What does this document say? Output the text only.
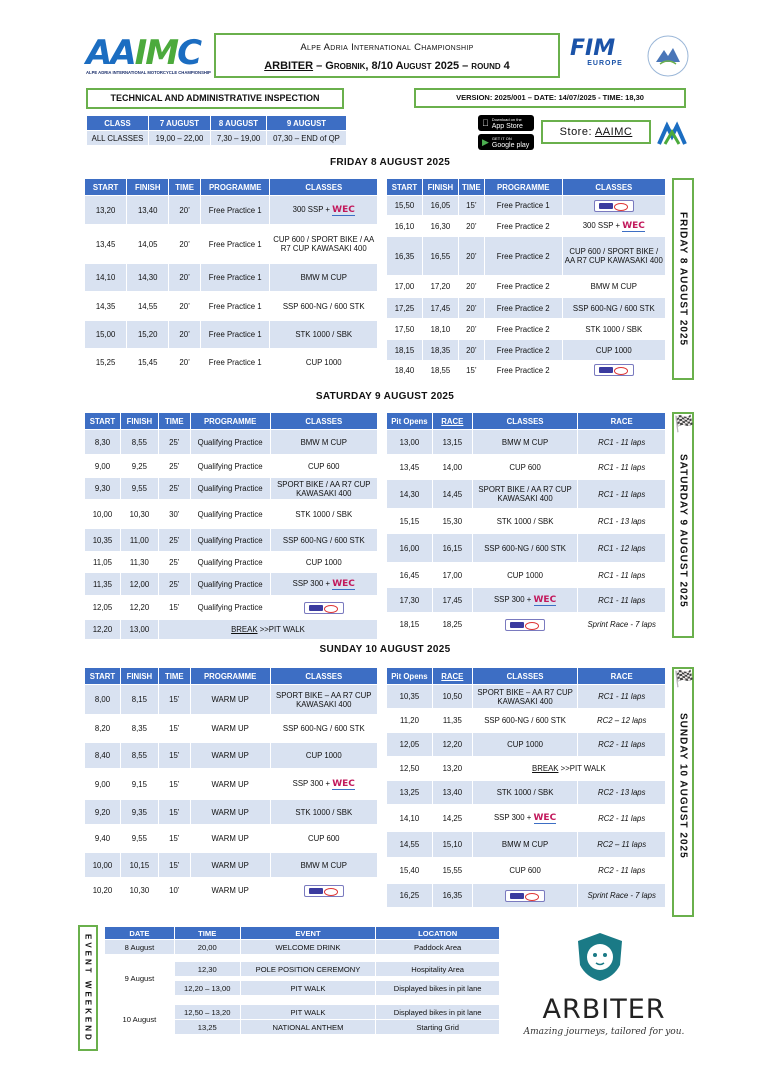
AAIMC
ALPE ADRIA INTERNATIONAL MOTORCYCLE CHAMPIONSHIP
Alpe Adria International Championship
ARBITER – Grobnik, 8/10 August 2025 – round 4
FIM
EUROPE
TECHNICAL AND ADMINISTRATIVE INSPECTION	VERSION: 2025/001 – DATE: 14/07/2025 - TIME: 18,30
CLASS	7 AUGUST	8 AUGUST	9 AUGUST
ALL CLASSES	19,00 – 22,00	7,30 – 19,00	07,30 – END of QP
Download on the
App Store
▶ GET IT ON
Google play
Store: AAIMC
FRIDAY 8 AUGUST 2025
START	FINISH	TIME	PROGRAMME	CLASSES
13,20	13,40	20’	Free Practice 1	300 SSP + WEC
13,45	14,05	20’	Free Practice 1	CUP 600 / SPORT BIKE / AA R7 CUP KAWASAKI 400
14,10	14,30	20’	Free Practice 1	BMW M CUP
14,35	14,55	20’	Free Practice 1	SSP 600-NG / 600 STK
15,00	15,20	20’	Free Practice 1	STK 1000 / SBK
15,25	15,45	20’	Free Practice 1	CUP 1000
START	FINISH	TIME	PROGRAMME	CLASSES
15,50	16,05	15’	Free Practice 1	
16,10	16,30	20’	Free Practice 2	300 SSP + WEC
16,35	16,55	20’	Free Practice 2	CUP 600 / SPORT BIKE / AA R7 CUP KAWASAKI 400
17,00	17,20	20’	Free Practice 2	BMW M CUP
17,25	17,45	20’	Free Practice 2	SSP 600-NG / 600 STK
17,50	18,10	20’	Free Practice 2	STK 1000 / SBK
18,15	18,35	20’	Free Practice 2	CUP 1000
18,40	18,55	15’	Free Practice 2	
FRIDAY 8 AUGUST 2025
SATURDAY 9 AUGUST 2025
START	FINISH	TIME	PROGRAMME	CLASSES
8,30	8,55	25’	Qualifying Practice	BMW M CUP
9,00	9,25	25’	Qualifying Practice	CUP 600
9,30	9,55	25’	Qualifying Practice	SPORT BIKE / AA R7 CUP KAWASAKI 400
10,00	10,30	30’	Qualifying Practice	STK 1000 / SBK
10,35	11,00	25’	Qualifying Practice	SSP 600-NG / 600 STK
11,05	11,30	25’	Qualifying Practice	CUP 1000
11,35	12,00	25’	Qualifying Practice	SSP 300 + WEC
12,05	12,20	15’	Qualifying Practice	
12,20	13,00	BREAK >>PIT WALK		
Pit Opens	RACE	CLASSES	RACE
13,00	13,15	BMW M CUP	RC1 - 11 laps
13,45	14,00	CUP 600	RC1 - 11 laps
14,30	14,45	SPORT BIKE / AA R7 CUP KAWASAKI 400	RC1 - 11 laps
15,15	15,30	STK 1000 / SBK	RC1 - 13 laps
16,00	16,15	SSP 600-NG / 600 STK	RC1 - 12 laps
16,45	17,00	CUP 1000	RC1 - 11 laps
17,30	17,45	SSP 300 + WEC	RC1 - 11 laps
18,15	18,25		Sprint Race - 7 laps
🏁
SATURDAY 9 AUGUST 2025
SUNDAY 10 AUGUST 2025
START	FINISH	TIME	PROGRAMME	CLASSES
8,00	8,15	15’	WARM UP	SPORT BIKE – AA R7 CUP KAWASAKI 400
8,20	8,35	15’	WARM UP	SSP 600-NG / 600 STK
8,40	8,55	15’	WARM UP	CUP 1000
9,00	9,15	15’	WARM UP	SSP 300 + WEC
9,20	9,35	15’	WARM UP	STK 1000 / SBK
9,40	9,55	15’	WARM UP	CUP 600
10,00	10,15	15’	WARM UP	BMW M CUP
10,20	10,30	10’	WARM UP	
Pit Opens	RACE	CLASSES	RACE
10,35	10,50	SPORT BIKE – AA R7 CUP KAWASAKI 400	RC1 - 11 laps
11,20	11,35	SSP 600-NG / 600 STK	RC2 – 12 laps
12,05	12,20	CUP 1000	RC2 - 11 laps
12,50	13,20	BREAK >>PIT WALK	
13,25	13,40	STK 1000 / SBK	RC2 - 13 laps
14,10	14,25	SSP 300 + WEC	RC2 - 11 laps
14,55	15,10	BMW M CUP	RC2 – 11 laps
15,40	15,55	CUP 600	RC2 - 11 laps
16,25	16,35		Sprint Race - 7 laps
🏁
SUNDAY 10 AUGUST 2025
EVENT WEEKEND
DATE	TIME	EVENT	LOCATION
8 August	20,00	WELCOME DRINK	Paddock Area

9 August	12,30	POLE POSITION CEREMONY	Hospitality Area

	12,20 – 13,00	PIT WALK	Displayed bikes in pit lane

10 August	12,50 – 13,20	PIT WALK	Displayed bikes in pit lane
	13,25	NATIONAL ANTHEM	Starting Grid
ARBITER
Amazing journeys, tailored for you.
